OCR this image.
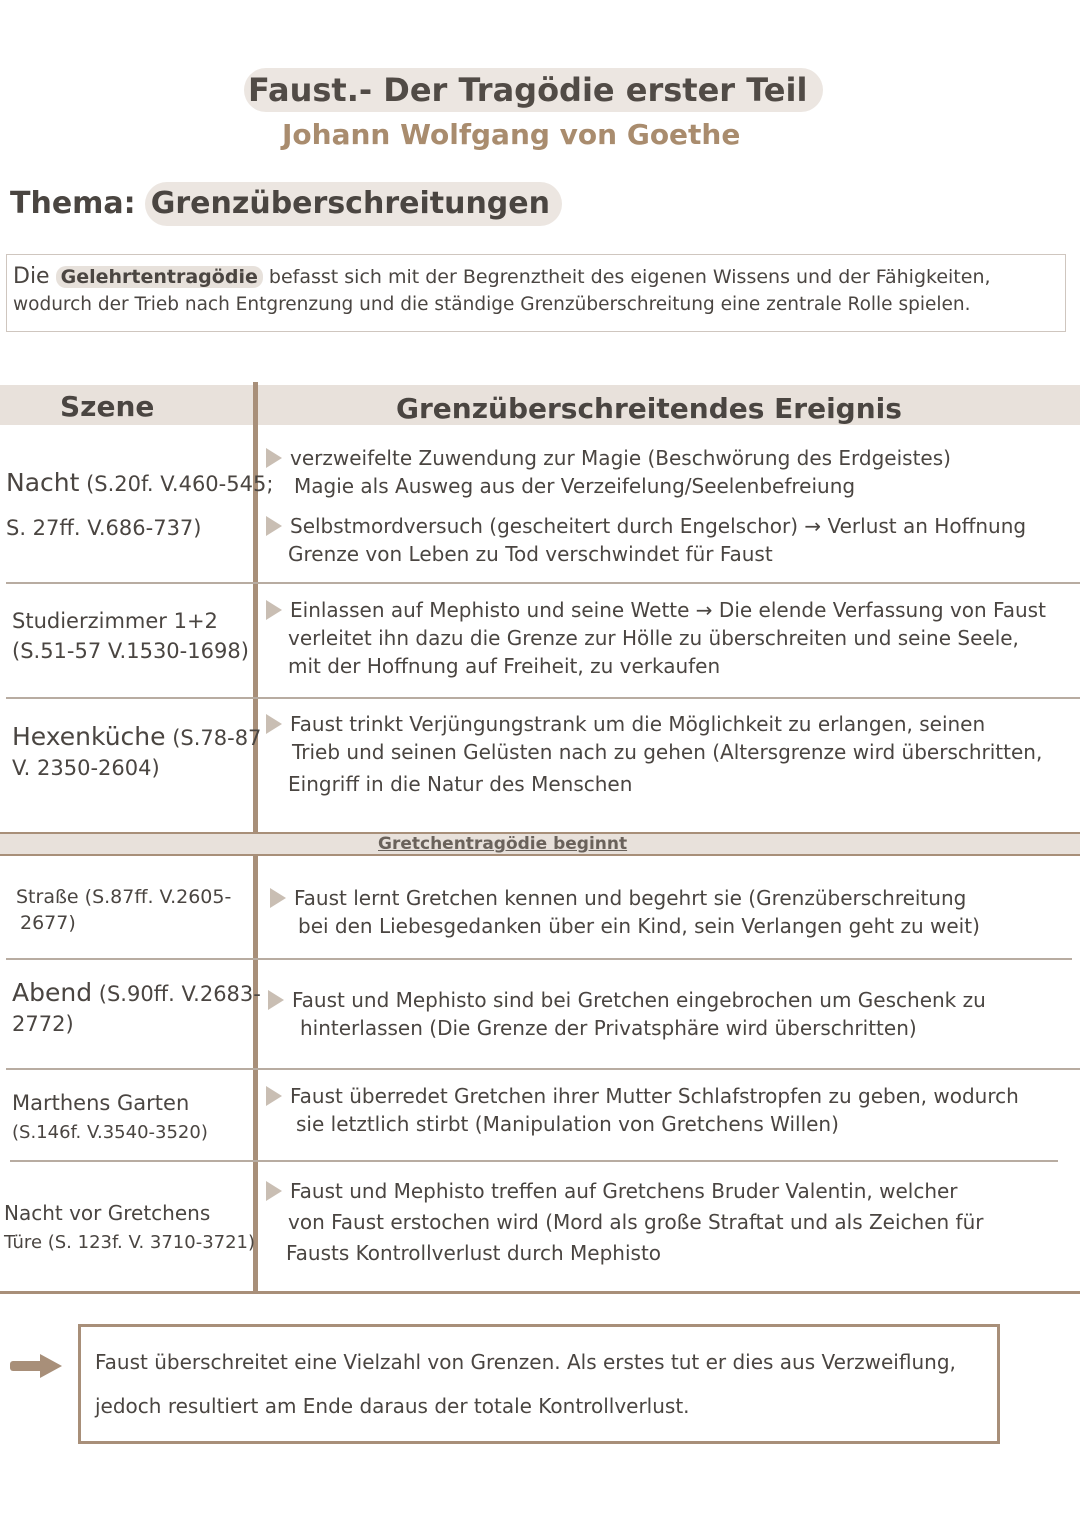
Faust.- Der Tragödie erster Teil
Johann Wolfgang von Goethe
Thema: Grenzüberschreitungen
Die Gelehrtentragödie befasst sich mit der Begrenztheit des eigenen Wissens und der Fähigkeiten,
wodurch der Trieb nach Entgrenzung und die ständige Grenzüberschreitung eine zentrale Rolle spielen.
Szene	Grenzüberschreitendes Ereignis
Nacht (S.20f. V.460-545;
S. 27ff. V.686-737)
verzweifelte Zuwendung zur Magie (Beschwörung des Erdgeistes)
Magie als Ausweg aus der Verzeifelung/Seelenbefreiung
Selbstmordversuch (gescheitert durch Engelschor) → Verlust an Hoffnung
Grenze von Leben zu Tod verschwindet für Faust
Studierzimmer 1+2
(S.51-57 V.1530-1698)
Einlassen auf Mephisto und seine Wette → Die elende Verfassung von Faust
verleitet ihn dazu die Grenze zur Hölle zu überschreiten und seine Seele,
mit der Hoffnung auf Freiheit, zu verkaufen
Hexenküche (S.78-87
V. 2350-2604)
Faust trinkt Verjüngungstrank um die Möglichkeit zu erlangen, seinen
Trieb und seinen Gelüsten nach zu gehen (Altersgrenze wird überschritten,
Eingriff in die Natur des Menschen
Gretchentragödie beginnt
Straße (S.87ff. V.2605-
2677)
Faust lernt Gretchen kennen und begehrt sie (Grenzüberschreitung
bei den Liebesgedanken über ein Kind, sein Verlangen geht zu weit)
Abend (S.90ff. V.2683-
2772)
Faust und Mephisto sind bei Gretchen eingebrochen um Geschenk zu
hinterlassen (Die Grenze der Privatsphäre wird überschritten)
Marthens Garten
(S.146f. V.3540-3520)
Faust überredet Gretchen ihrer Mutter Schlafstropfen zu geben, wodurch
sie letztlich stirbt (Manipulation von Gretchens Willen)
Nacht vor Gretchens
Türe (S. 123f. V. 3710-3721)
Faust und Mephisto treffen auf Gretchens Bruder Valentin, welcher
von Faust erstochen wird (Mord als große Straftat und als Zeichen für
Fausts Kontrollverlust durch Mephisto
Faust überschreitet eine Vielzahl von Grenzen. Als erstes tut er dies aus Verzweiflung,
jedoch resultiert am Ende daraus der totale Kontrollverlust.
